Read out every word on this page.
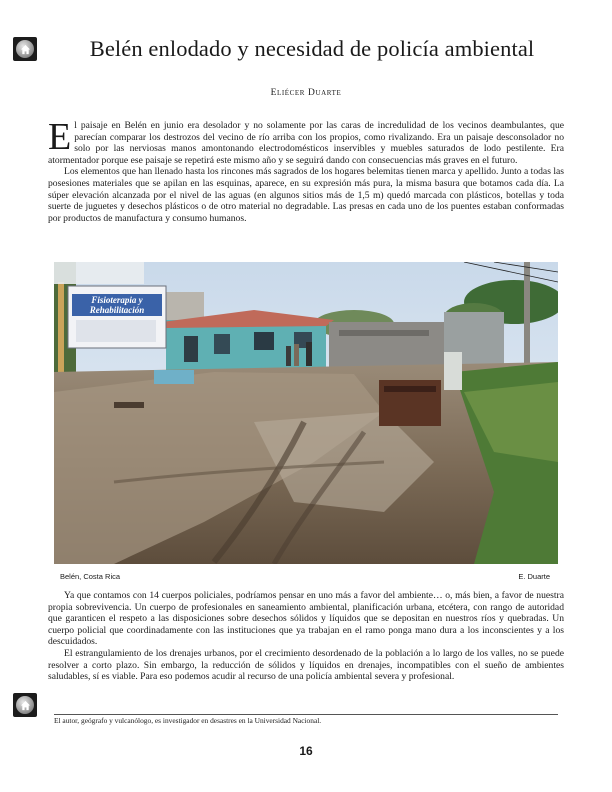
Belén enlodado y necesidad de policía ambiental
Eliécer Duarte

El paisaje en Belén en junio era desolador y no solamente por las caras de incredulidad de los vecinos deambulantes, que parecían comparar los destrozos del vecino de río arriba con los propios, como rivalizando. Era un paisaje desconsolador no solo por las nerviosas manos amontonando electrodomésticos inservibles y muebles saturados de lodo pestilente. Era atormentador porque ese paisaje se repetirá este mismo año y se seguirá dando con consecuencias más graves en el futuro.

Los elementos que han llenado hasta los rincones más sagrados de los hogares belemitas tienen marca y apellido. Junto a todas las posesiones materiales que se apilan en las esquinas, aparece, en su expresión más pura, la misma basura que botamos cada día. La súper elevación alcanzada por el nivel de las aguas (en algunos sitios más de 1,5 m) quedó marcada con plásticos, botellas y toda suerte de juguetes y desechos plásticos o de otro material no degradable. Las presas en cada uno de los puentes estaban conformadas por productos de manufactura y consumo humanos.

Fisioterapia y
Rehabilitación
Belén, Costa Rica	E. Duarte

Ya que contamos con 14 cuerpos policiales, podríamos pensar en uno más a favor del ambiente… o, más bien, a favor de nuestra propia sobrevivencia. Un cuerpo de profesionales en saneamiento ambiental, planificación urbana, etcétera, con rango de autoridad que garanticen el respeto a las disposiciones sobre desechos sólidos y líquidos que se depositan en nuestros ríos y quebradas. Un cuerpo policial que coordinadamente con las instituciones que ya trabajan en el ramo ponga mano dura a los inconscientes y a los descuidados.

El estrangulamiento de los drenajes urbanos, por el crecimiento desordenado de la población a lo largo de los valles, no se puede resolver a corto plazo. Sin embargo, la reducción de sólidos y líquidos en drenajes, incompatibles con el sueño de ambientes saludables, sí es viable. Para eso podemos acudir al recurso de una policía ambiental severa y profesional.

El autor, geógrafo y vulcanólogo, es investigador en desastres en la Universidad Nacional.
16
